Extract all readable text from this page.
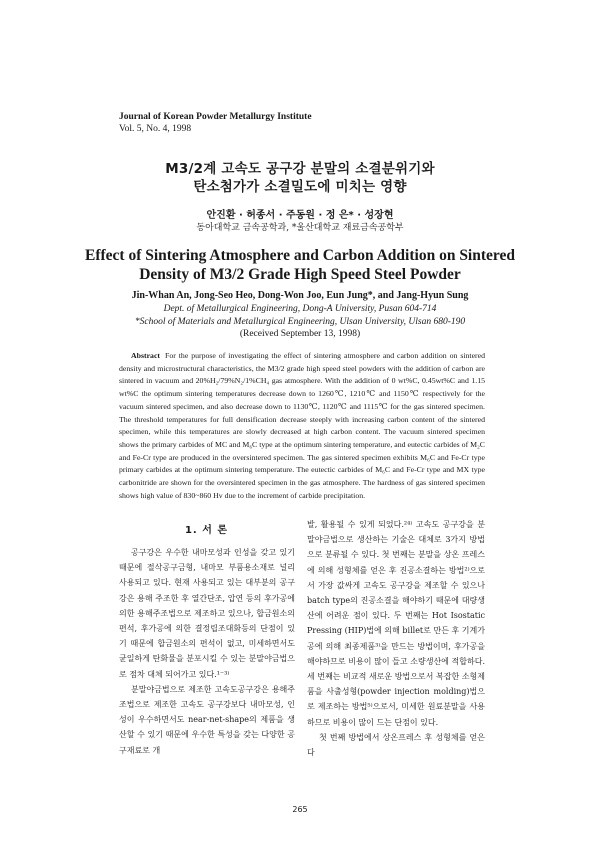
Journal of Korean Powder Metallurgy Institute
Vol. 5, No. 4, 1998
M3/2계 고속도 공구강 분말의 소결분위기와
탄소첨가가 소결밀도에 미치는 영향
안진환 · 허종서 · 주동원 · 정 은* · 성장현
동아대학교 금속공학과, *울산대학교 재료금속공학부
Effect of Sintering Atmosphere and Carbon Addition on Sintered
Density of M3/2 Grade High Speed Steel Powder
Jin-Whan An, Jong-Seo Heo, Dong-Won Joo, Eun Jung*, and Jang-Hyun Sung
Dept. of Metallurgical Engineering, Dong-A University, Pusan 604-714
*School of Materials and Metallurgical Engineering, Ulsan University, Ulsan 680-190
(Received September 13, 1998)
Abstract For the purpose of investigating the effect of sintering atmosphere and carbon addition on sintered density and microstructural characteristics, the M3/2 grade high speed steel powders with the addition of carbon are sintered in vacuum and 20%H₂/79%N₂/1%CH₄ gas atmosphere. With the addition of 0 wt%C, 0.45wt%C and 1.15 wt%C the optimum sintering temperatures decrease down to 1260℃, 1210℃ and 1150℃ respectively for the vacuum sintered specimen, and also decrease down to 1130℃, 1120℃ and 1115℃ for the gas sintered specimen. The threshold temperatures for full densification decrease steeply with increasing carbon content of the sintered specimen, while this temperatures are slowly decreased at high carbon content. The vacuum sintered specimen shows the primary carbides of MC and M₆C type at the optimum sintering temperature, and eutectic carbides of M₂C and Fe-Cr type are produced in the oversintered specimen. The gas sintered specimen exhibits M₆C and Fe-Cr type primary carbides at the optimum sintering temperature. The eutectic carbides of M₆C and Fe-Cr type and MX type carbonitride are shown for the oversintered specimen in the gas atmosphere. The hardness of gas sintered specimen shows high value of 830~860 Hv due to the increment of carbide precipitation.
1. 서 론

공구강은 우수한 내마모성과 인성을 갖고 있기 때문에 절삭공구금형, 내마모 부품용소재로 널리 사용되고 있다. 현재 사용되고 있는 대부분의 공구강은 용해 주조한 후 열간단조, 압연 등의 후가공에 의한 용해주조법으로 제조하고 있으나, 합금원소의 편석, 후가공에 의한 결정립조대화등의 단점이 있기 때문에 합금원소의 편석이 없고, 미세하면서도 균일하게 탄화물을 분포시킬 수 있는 분말야금법으로 점차 대체 되어가고 있다.¹⁻³⁾

분말야금법으로 제조한 고속도공구강은 용해주조법으로 제조한 고속도 공구강보다 내마모성, 인성이 우수하면서도 near-net-shape의 제품을 생산할 수 있기 때문에 우수한 특성을 갖는 다양한 공구재료로 개

발, 활용될 수 있게 되었다.²⁴⁾ 고속도 공구강을 분말야금법으로 생산하는 기술은 대체로 3가지 방법으로 분류될 수 있다. 첫 번째는 분말을 상온 프레스에 의해 성형체를 얻은 후 진공소결하는 방법²⁾으로서 가장 값싸게 고속도 공구강을 제조할 수 있으나 batch type의 진공소결을 해야하기 때문에 대량생산에 어려운 점이 있다. 두 번째는 Hot Isostatic Pressing (HIP)법에 의해 billet로 만든 후 기계가공에 의해 최종제품³⁾을 만드는 방법이며, 후가공을 해야하므로 비용이 많이 들고 소량생산에 적합하다. 세 번째는 비교적 새로운 방법으로서 복잡한 소형제품을 사출성형(powder injection molding)법으로 제조하는 방법⁵⁾으로서, 미세한 원료분말을 사용하므로 비용이 많이 드는 단점이 있다.

첫 번째 방법에서 상온프레스 후 성형체를 얻은 다

265
